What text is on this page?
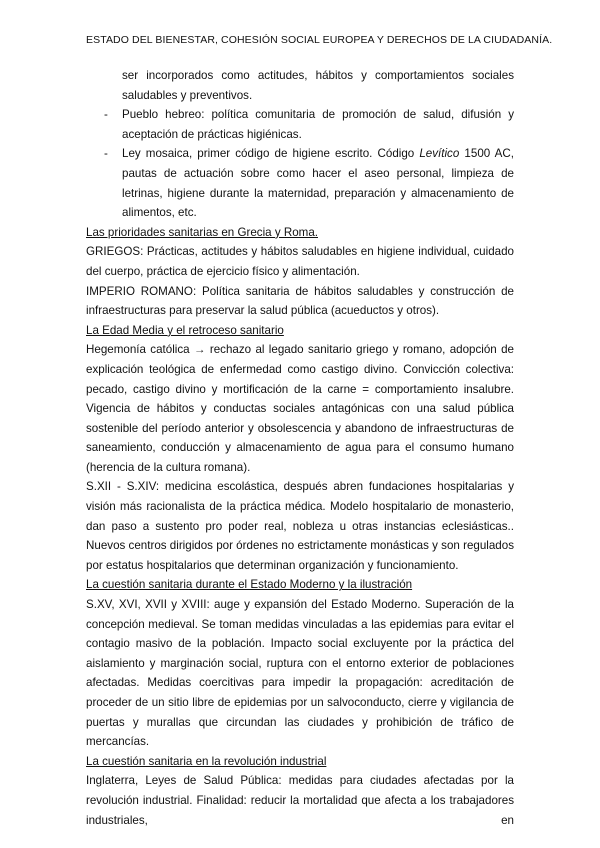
ESTADO DEL BIENESTAR, COHESIÓN SOCIAL EUROPEA Y DERECHOS DE LA CIUDADANÍA.

ser incorporados como actitudes, hábitos y comportamientos sociales saludables y preventivos.

- Pueblo hebreo: política comunitaria de promoción de salud, difusión y aceptación de prácticas higiénicas.

- Ley mosaica, primer código de higiene escrito. Código Levítico 1500 AC, pautas de actuación sobre como hacer el aseo personal, limpieza de letrinas, higiene durante la maternidad, preparación y almacenamiento de alimentos, etc.

Las prioridades sanitarias en Grecia y Roma.

GRIEGOS: Prácticas, actitudes y hábitos saludables en higiene individual, cuidado del cuerpo, práctica de ejercicio físico y alimentación.

IMPERIO ROMANO: Política sanitaria de hábitos saludables y construcción de infraestructuras para preservar la salud pública (acueductos y otros).

La Edad Media y el retroceso sanitario

Hegemonía católica → rechazo al legado sanitario griego y romano, adopción de explicación teológica de enfermedad como castigo divino. Convicción colectiva: pecado, castigo divino y mortificación de la carne = comportamiento insalubre. Vigencia de hábitos y conductas sociales antagónicas con una salud pública sostenible del período anterior y obsolescencia y abandono de infraestructuras de saneamiento, conducción y almacenamiento de agua para el consumo humano (herencia de la cultura romana).

S.XII - S.XIV: medicina escolástica, después abren fundaciones hospitalarias y visión más racionalista de la práctica médica. Modelo hospitalario de monasterio, dan paso a sustento pro poder real, nobleza u otras instancias eclesiásticas.. Nuevos centros dirigidos por órdenes no estrictamente monásticas y son regulados por estatus hospitalarios que determinan organización y funcionamiento.

La cuestión sanitaria durante el Estado Moderno y la ilustración

S.XV, XVI, XVII y XVIII: auge y expansión del Estado Moderno. Superación de la concepción medieval. Se toman medidas vinculadas a las epidemias para evitar el contagio masivo de la población. Impacto social excluyente por la práctica del aislamiento y marginación social, ruptura con el entorno exterior de poblaciones afectadas. Medidas coercitivas para impedir la propagación: acreditación de proceder de un sitio libre de epidemias por un salvoconducto, cierre y vigilancia de puertas y murallas que circundan las ciudades y prohibición de tráfico de mercancías.

La cuestión sanitaria en la revolución industrial

Inglaterra, Leyes de Salud Pública: medidas para ciudades afectadas por la revolución industrial. Finalidad: reducir la mortalidad que afecta a los trabajadores industriales, en
